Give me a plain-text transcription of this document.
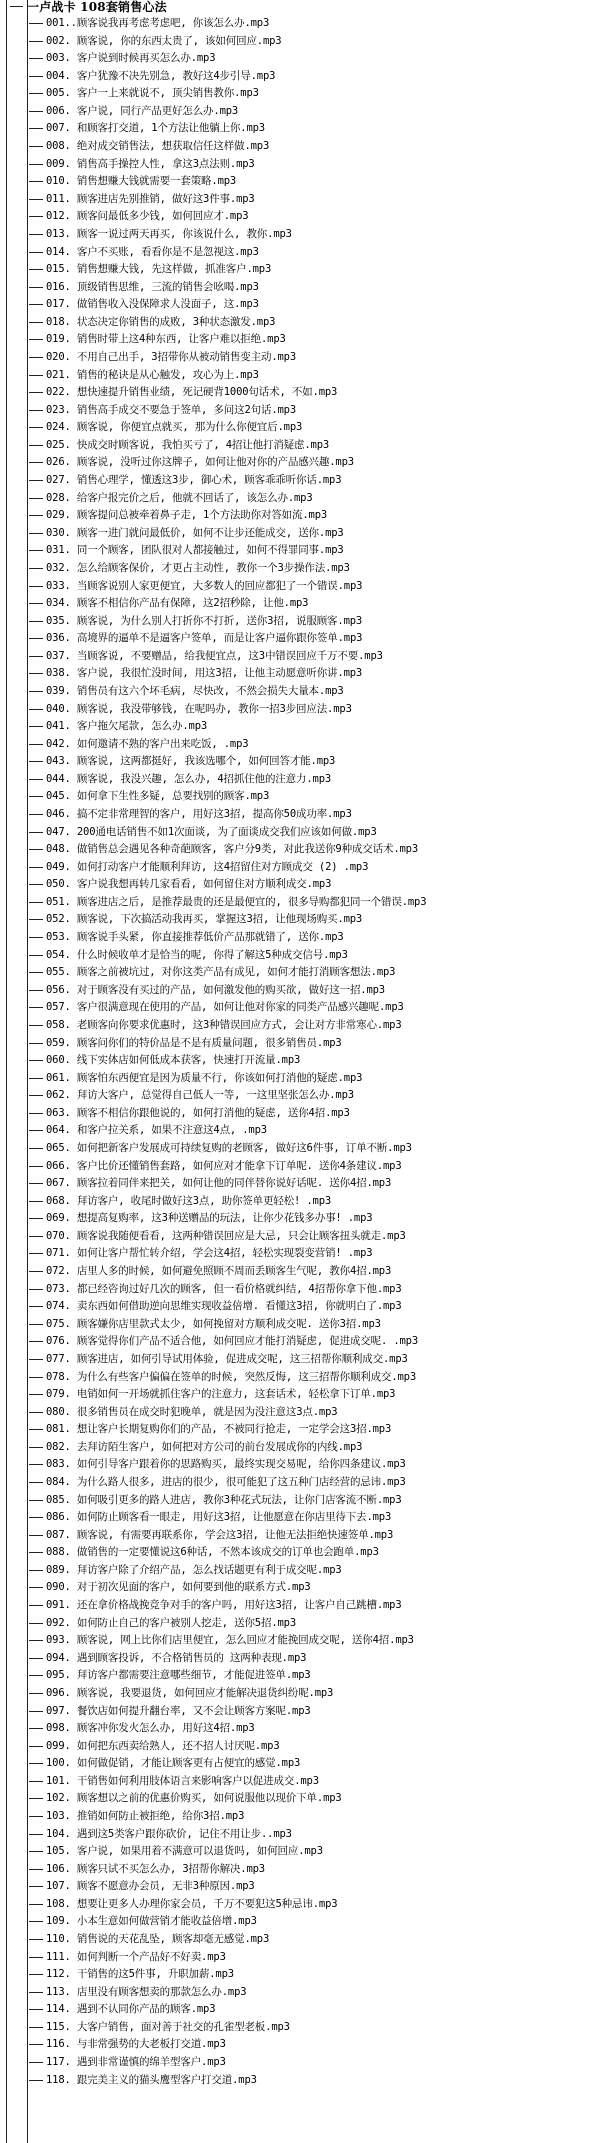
一卢战卡 108套销售心法
001..顾客说我再考虑考虑吧, 你该怎么办.mp3
002. 顾客说, 你的东西太贵了, 该如何回应.mp3
003. 客户说到时候再买怎么办.mp3
004. 客户犹豫不决先别急, 教好这4步引导.mp3
005. 客户一上来就说不, 顶尖销售教你.mp3
006. 客户说, 同行产品更好怎么办.mp3
007. 和顾客打交道, 1个方法让他躺上你.mp3
008. 绝对成交销售法, 想获取信任这样做.mp3
009. 销售高手操控人性, 拿这3点法则.mp3
010. 销售想赚大钱就需要一套策略.mp3
011. 顾客进店先别推销, 做好这3件事.mp3
012. 顾客问最低多少钱, 如何回应才.mp3
013. 顾客一说过两天再买, 你该说什么, 教你.mp3
014. 客户不买账, 看看你是不是忽视这.mp3
015. 销售想赚大钱, 先这样做, 抓准客户.mp3
016. 顶级销售思维, 三流的销售会吆喝.mp3
017. 做销售收入没保障求人没面子, 这.mp3
018. 状态决定你销售的成败, 3种状态激发.mp3
019. 销售时带上这4种东西, 让客户难以拒绝.mp3
020. 不用自己出手, 3招带你从被动销售变主动.mp3
021. 销售的秘诀是从心触发, 攻心为上.mp3
022. 想快速提升销售业绩, 死记硬背1000句话术, 不如.mp3
023. 销售高手成交不要急于签单, 多问这2句话.mp3
024. 顾客说, 你便宜点就买, 那为什么你便宜后.mp3
025. 快成交时顾客说, 我怕买亏了, 4招让他打消疑虑.mp3
026. 顾客说, 没听过你这牌子, 如何让他对你的产品感兴趣.mp3
027. 销售心理学, 懂透这3步, 御心术, 顾客乖乖听你话.mp3
028. 给客户报完价之后, 他就不回话了, 该怎么办.mp3
029. 顾客提问总被牵着鼻子走, 1个方法助你对答如流.mp3
030. 顾客一进门就问最低价, 如何不让步还能成交, 送你.mp3
031. 同一个顾客, 团队很对人都接触过, 如何不得罪同事.mp3
032. 怎么给顾客保价, 才更占主动性, 教你一个3步操作法.mp3
033. 当顾客说别人家更便宜, 大多数人的回应都犯了一个错误.mp3
034. 顾客不相信你产品有保障, 这2招秒除, 让他.mp3
035. 顾客说, 为什么别人打折你不打折, 送你3招, 说服顾客.mp3
036. 高境界的逼单不是逼客户签单, 而是让客户逼你跟你签单.mp3
037. 当顾客说, 不要赠品, 给我便宜点, 这3中错误回应千万不要.mp3
038. 客户说, 我很忙没时间, 用这3招, 让他主动愿意听你讲.mp3
039. 销售员有这六个坏毛病, 尽快改, 不然会损失大量本.mp3
040. 顾客说, 我没带够钱, 在呢吗办, 教你一招3步回应法.mp3
041. 客户拖欠尾款, 怎么办.mp3
042. 如何邀请不熟的客户出来吃饭, .mp3
043. 顾客说, 这两都挺好, 我该选哪个, 如何回答才能.mp3
044. 顾客说, 我没兴趣, 怎么办, 4招抓住他的注意力.mp3
045. 如何拿下生性多疑, 总要找别的顾客.mp3
046. 搞不定非常理智的客户, 用好这3招, 提高你50成功率.mp3
047. 200通电话销售不如1次面谈, 为了面谈成交我们应该如何做.mp3
048. 做销售总会遇见各种奇葩顾客, 客户分9类, 对此我送你9种成交话术.mp3
049. 如何打动客户才能顺利拜访, 这4招留住对方顾成交 (2) .mp3
050. 客户说我想再转几家看看, 如何留住对方顺利成交.mp3
051. 顾客进店之后, 是推荐最贵的还是最便宜的, 很多导购都犯同一个错误.mp3
052. 顾客说, 下次搞活动我再买, 掌握这3招, 让他现场购买.mp3
053. 顾客说手头紧, 你直接推荐低价产品那就错了, 送你.mp3
054. 什么时候收单才是恰当的呢, 你得了解这5种成交信号.mp3
055. 顾客之前被坑过, 对你这类产品有成见, 如何才能打消顾客想法.mp3
056. 对于顾客没有买过的产品, 如何激发他的购买欲, 做好这一招.mp3
057. 客户很满意现在使用的产品, 如何让他对你家的同类产品感兴趣呢.mp3
058. 老顾客向你要求优惠时, 这3种错误回应方式, 会让对方非常寒心.mp3
059. 顾客问你们的特价品是不是有质量问题, 很多销售员.mp3
060. 线下实体店如何低成本获客, 快速打开流量.mp3
061. 顾客怕东西便宜是因为质量不行, 你该如何打消他的疑虑.mp3
062. 拜访大客户, 总觉得自己低人一等, 一这里坚张怎么办.mp3
063. 顾客不相信你跟他说的, 如何打消他的疑虑, 送你4招.mp3
064. 和客户拉关系, 如果不注意这4点, .mp3
065. 如何把新客户发展成可持续复购的老顾客, 做好这6件事, 订单不断.mp3
066. 客户比价还懂销售套路, 如何应对才能拿下订单呢. 送你4条建议.mp3
067. 顾客拉着同伴来把关, 如何让他的同伴替你说好话呢. 送你4招.mp3
068. 拜访客户, 收尾时做好这3点, 助你签单更轻松! .mp3
069. 想提高复购率, 这3种送赠品的玩法, 让你少花钱多办事! .mp3
070. 顾客说我随便看看, 这两种错误回应是大忌, 只会让顾客扭头就走.mp3
071. 如何让客户帮忙转介绍, 学会这4招, 轻松实现裂变营销! .mp3
072. 店里人多的时候, 如何避免照顾不周而丢顾客生气呢, 教你4招.mp3
073. 都已经咨询过好几次的顾客, 但一看价格就纠结, 4招帮你拿下他.mp3
074. 卖东西如何借助逆向思维实现收益倍增. 看懂这3招, 你就明白了.mp3
075. 顾客嫌你店里款式太少, 如何挽留对方顺利成交呢. 送你3招.mp3
076. 顾客觉得你们产品不适合他, 如何回应才能打消疑虑, 促进成交呢. .mp3
077. 顾客进店, 如何引导试用体验, 促进成交呢, 这三招帮你顺利成交.mp3
078. 为什么有些客户偏偏在签单的时候, 突然反悔, 这三招帮你顺利成交.mp3
079. 电销如何一开场就抓住客户的注意力, 这套话术, 轻松拿下订单.mp3
080. 很多销售员在成交时犯晚单, 就是因为没注意这3点.mp3
081. 想让客户长期复购你们的产品, 不被同行抢走, 一定学会这3招.mp3
082. 去拜访陌生客户, 如何把对方公司的前台发展成你的内线.mp3
083. 如何引导客户跟着你的思路购买, 最终实现交易呢, 给你四条建议.mp3
084. 为什么路人很多, 进店的很少, 很可能犯了这五种门店经营的忌讳.mp3
085. 如何吸引更多的路人进店, 教你3种花式玩法, 让你门店客流不断.mp3
086. 如何防止顾客看一眼走, 用好这3招, 让他愿意在你店里待下去.mp3
087. 顾客说, 有需要再联系你, 学会这3招, 让他无法拒绝快速签单.mp3
088. 做销售的一定要懂说这6种话, 不然本该成交的订单也会跑单.mp3
089. 拜访客户除了介绍产品, 怎么找话题更有利于成交呢.mp3
090. 对于初次见面的客户, 如何要到他的联系方式.mp3
091. 还在拿价格战挽竞争对手的客户吗, 用好这3招, 让客户自己跳槽.mp3
092. 如何防止自己的客户被别人挖走, 送你5招.mp3
093. 顾客说, 网上比你们店里便宜, 怎么回应才能挽回成交呢, 送你4招.mp3
094. 遇到顾客投诉, 不合格销售员的 这两种表现.mp3
095. 拜访客户都需要注意哪些细节, 才能促进签单.mp3
096. 顾客说, 我要退货, 如何回应才能解决退货纠纷呢.mp3
097. 餐饮店如何提升翻台率, 又不会让顾客方案呢.mp3
098. 顾客冲你发火怎么办, 用好这4招.mp3
099. 如何把东西卖给熟人, 还不招人讨厌呢.mp3
100. 如何做促销, 才能让顾客更有占便宜的感觉.mp3
101. 干销售如何利用肢体语言来影响客户以促进成交.mp3
102. 顾客想以之前的优惠价购买, 如何说服他以现价下单.mp3
103. 推销如何防止被拒绝, 给你3招.mp3
104. 遇到这5类客户跟你砍价, 记住不用让步..mp3
105. 客户说, 如果用着不满意可以退货吗, 如何回应.mp3
106. 顾客只试不买怎么办, 3招帮你解决.mp3
107. 顾客不愿意办会员, 无非3种原因.mp3
108. 想要让更多人办理你家会员, 千万不要犯这5种忌讳.mp3
109. 小本生意如何做营销才能收益倍增.mp3
110. 销售说的天花乱坠, 顾客却毫无感觉.mp3
111. 如何判断一个产品好不好卖.mp3
112. 干销售的这5件事, 升职加薪.mp3
113. 店里没有顾客想卖的那款怎么办.mp3
114. 遇到不认同你产品的顾客.mp3
115. 大客户销售, 面对善于社交的孔雀型老板.mp3
116. 与非常强势的大老板打交道.mp3
117. 遇到非常谨慎的绵羊型客户.mp3
118. 跟完美主义的猫头鹰型客户打交道.mp3
